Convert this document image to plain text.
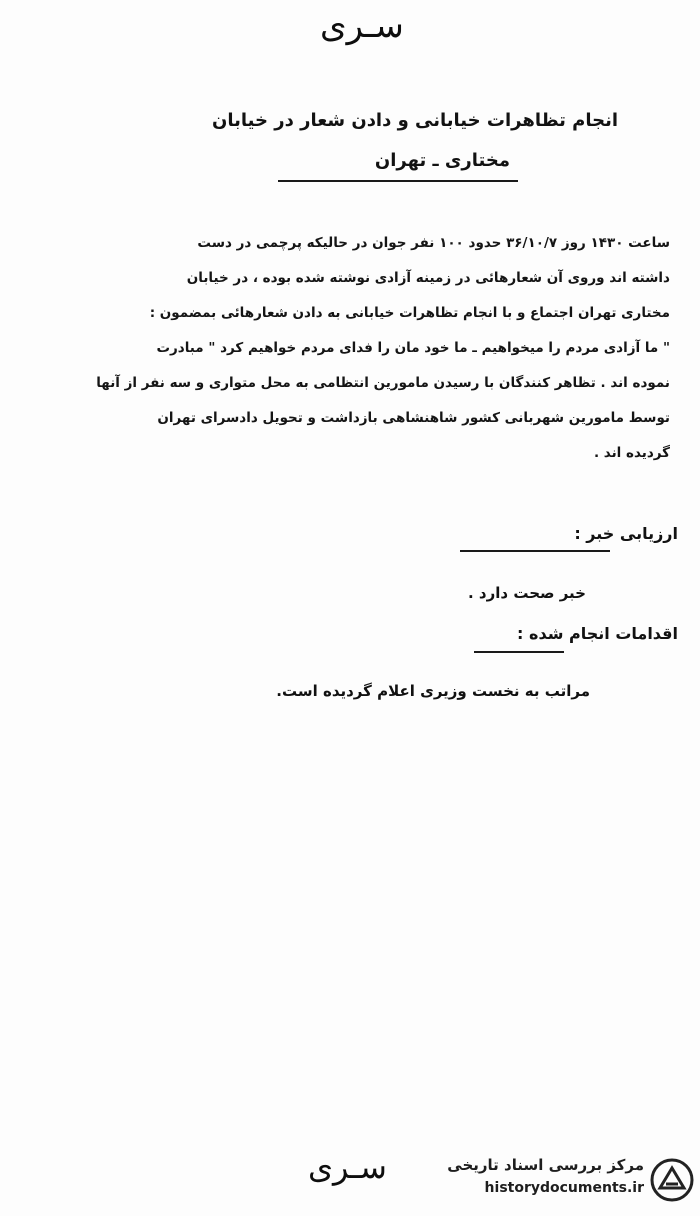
سـری
انجام تظاهرات خیابانی و دادن شعار در خیابان
مختاری ـ تهران
ساعت ۱۴۳۰ روز ۳۶/۱۰/۷ حدود ۱۰۰ نفر جوان در حالیکه پرچمی در دست
داشته اند وروی آن شعارهائی در زمینه آزادی نوشته شده بوده ، در خیابان
مختاری تهران اجتماع و با انجام تظاهرات خیابانی به دادن شعارهائی بمضمون :
" ما آزادی مردم را میخواهیم ـ ما خود مان را فدای مردم خواهیم کرد " مبادرت
نموده اند . تظاهر کنندگان با رسیدن مامورین انتظامی به محل متواری و سه نفر از آنها
توسط مامورین شهربانی کشور شاهنشاهی بازداشت و تحویل دادسرای تهران
گردیده اند .
ارزیابی خبر :
خبر صحت دارد .
اقدامات انجام شده :
مراتب به نخست وزیری اعلام گردیده است.
سـری	مرکز بررسی اسناد تاریخی
historydocuments.ir
